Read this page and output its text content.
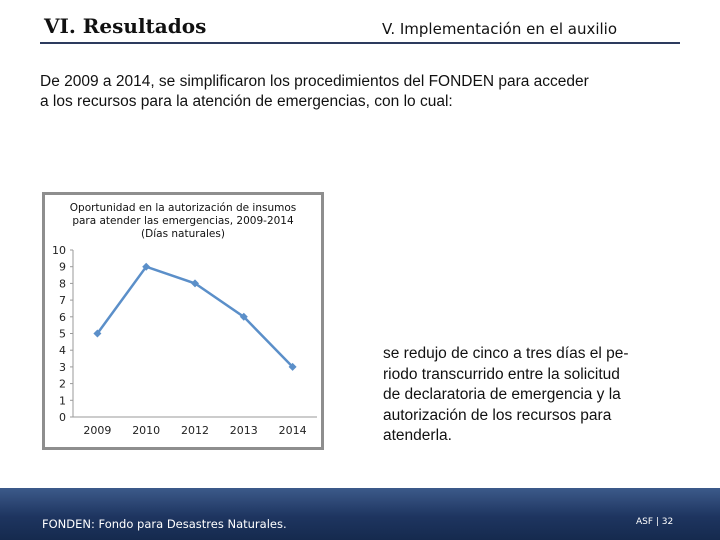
VI. Resultados	V. Implementación en el auxilio
De 2009 a 2014, se simplificaron los procedimientos del FONDEN para acceder
a los recursos para la atención de emergencias, con lo cual:
Oportunidad en la autorización de insumos
para atender las emergencias, 2009-2014
(Días naturales)
0
1
2
3
4
5
6
7
8
9
10
2009 2010 2012 2013 2014
se redujo de cinco a tres días el pe-
riodo transcurrido entre la solicitud
de declaratoria de emergencia y la
autorización de los recursos para
atenderla.
FONDEN: Fondo para Desastres Naturales.	ASF | 32
